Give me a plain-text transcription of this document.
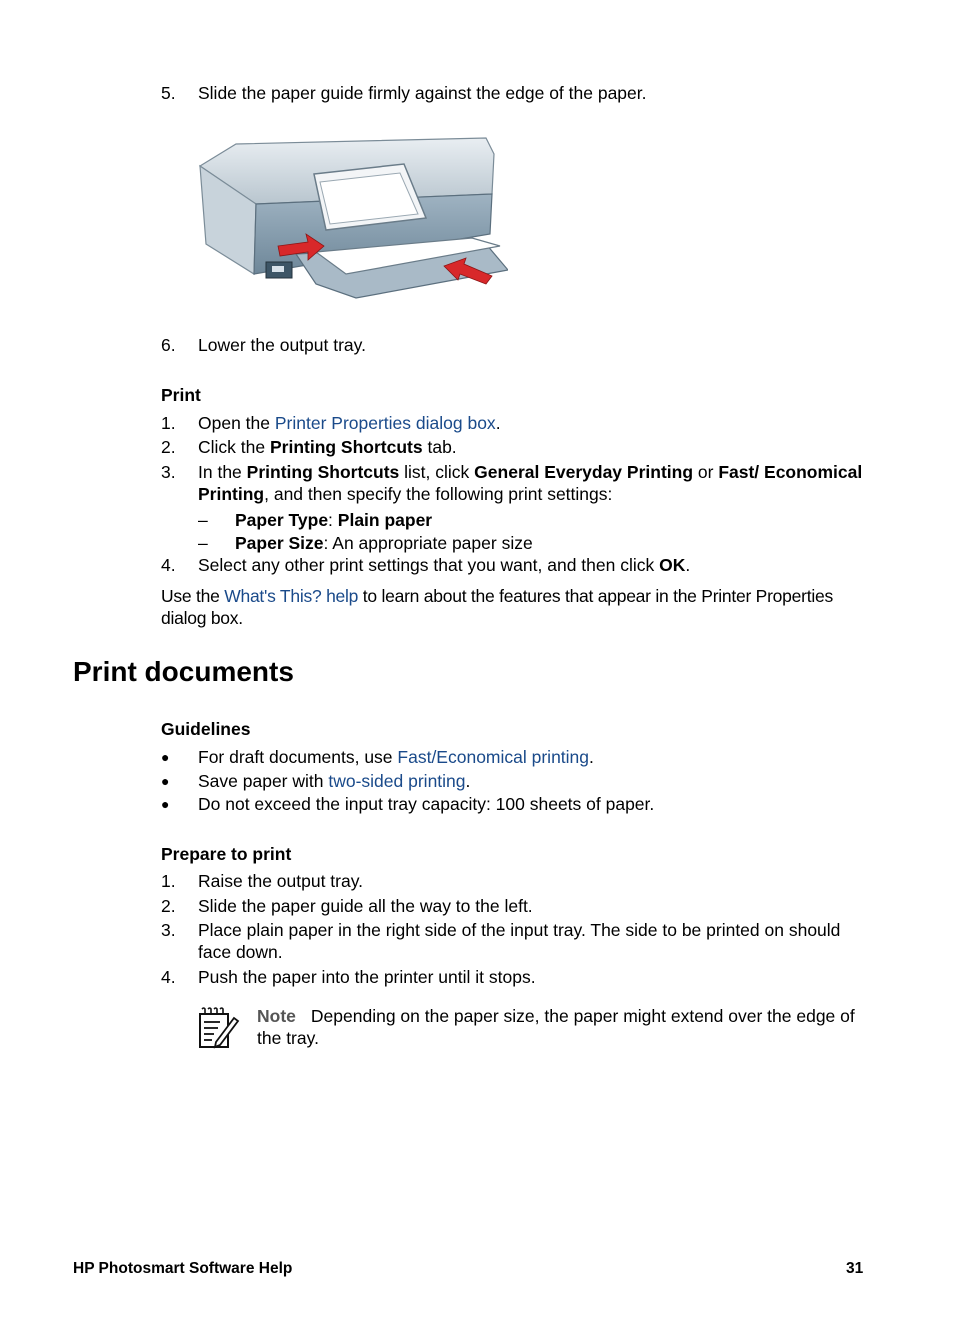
5. Slide the paper guide firmly against the edge of the paper.
6. Lower the output tray.
Print
1. Open the Printer Properties dialog box.
2. Click the Printing Shortcuts tab.
3. In the Printing Shortcuts list, click General Everyday Printing or Fast/ Economical Printing, and then specify the following print settings:
– Paper Type: Plain paper
– Paper Size: An appropriate paper size
4. Select any other print settings that you want, and then click OK.
Use the What's This? help to learn about the features that appear in the Printer Properties dialog box.
Print documents
Guidelines
● For draft documents, use Fast/Economical printing.
● Save paper with two-sided printing.
● Do not exceed the input tray capacity: 100 sheets of paper.
Prepare to print
1. Raise the output tray.
2. Slide the paper guide all the way to the left.
3. Place plain paper in the right side of the input tray. The side to be printed on should face down.
4. Push the paper into the printer until it stops.
Note Depending on the paper size, the paper might extend over the edge of the tray.
HP Photosmart Software Help	31
